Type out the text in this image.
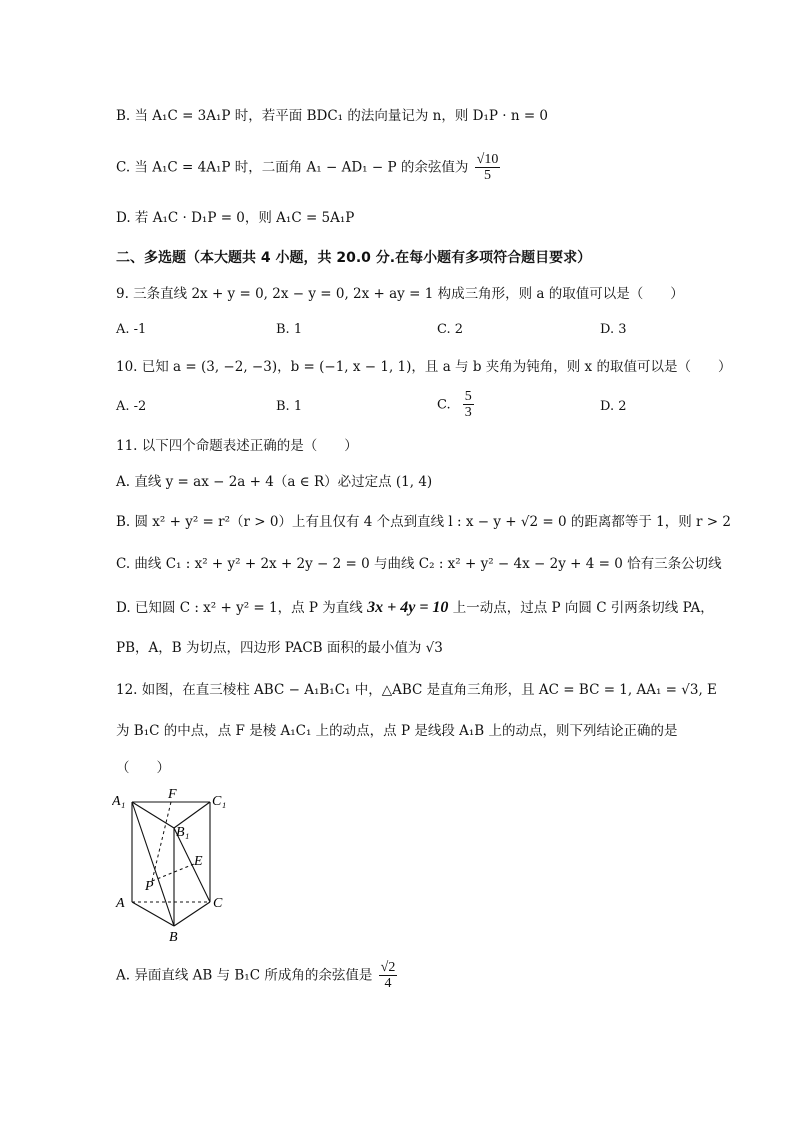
B. 当 A₁C = 3A₁P 时，若平面 BDC₁ 的法向量记为 n，则 D₁P · n = 0
C. 当 A₁C = 4A₁P 时，二面角 A₁ − AD₁ − P 的余弦值为 $\frac{√10}{5}$
D. 若 A₁C · D₁P = 0，则 A₁C = 5A₁P
二、多选题（本大题共 4 小题，共 20.0 分.在每小题有多项符合题目要求）
9. 三条直线 2x + y = 0, 2x − y = 0, 2x + ay = 1 构成三角形，则 a 的取值可以是（　　）
A. -1	B. 1	C. 2	D. 3
10. 已知 a = (3, −2, −3)，b = (−1, x − 1, 1)，且 a 与 b 夹角为钝角，则 x 的取值可以是（　　）
A. -2	B. 1	C. $\frac{5}{3}$	D. 2
11. 以下四个命题表述正确的是（　　）
A. 直线 y = ax − 2a + 4（a ∈ R）必过定点 (1, 4)
B. 圆 x² + y² = r²（r > 0）上有且仅有 4 个点到直线 l : x − y + √2 = 0 的距离都等于 1，则 r > 2
C. 曲线 C₁ : x² + y² + 2x + 2y − 2 = 0 与曲线 C₂ : x² + y² − 4x − 2y + 4 = 0 恰有三条公切线
D. 已知圆 C : x² + y² = 1，点 P 为直线 3x + 4y = 10 上一动点，过点 P 向圆 C 引两条切线 PA，
PB，A，B 为切点，四边形 PACB 面积的最小值为 √3
12. 如图，在直三棱柱 ABC − A₁B₁C₁ 中，△ABC 是直角三角形，且 AC = BC = 1, AA₁ = √3, E
为 B₁C 的中点，点 F 是棱 A₁C₁ 上的动点，点 P 是线段 A₁B 上的动点，则下列结论正确的是
（　　）
A₁	F	C₁
B₁
E
P
A	C
B
A. 异面直线 AB 与 B₁C 所成角的余弦值是 $\frac{√2}{4}$
